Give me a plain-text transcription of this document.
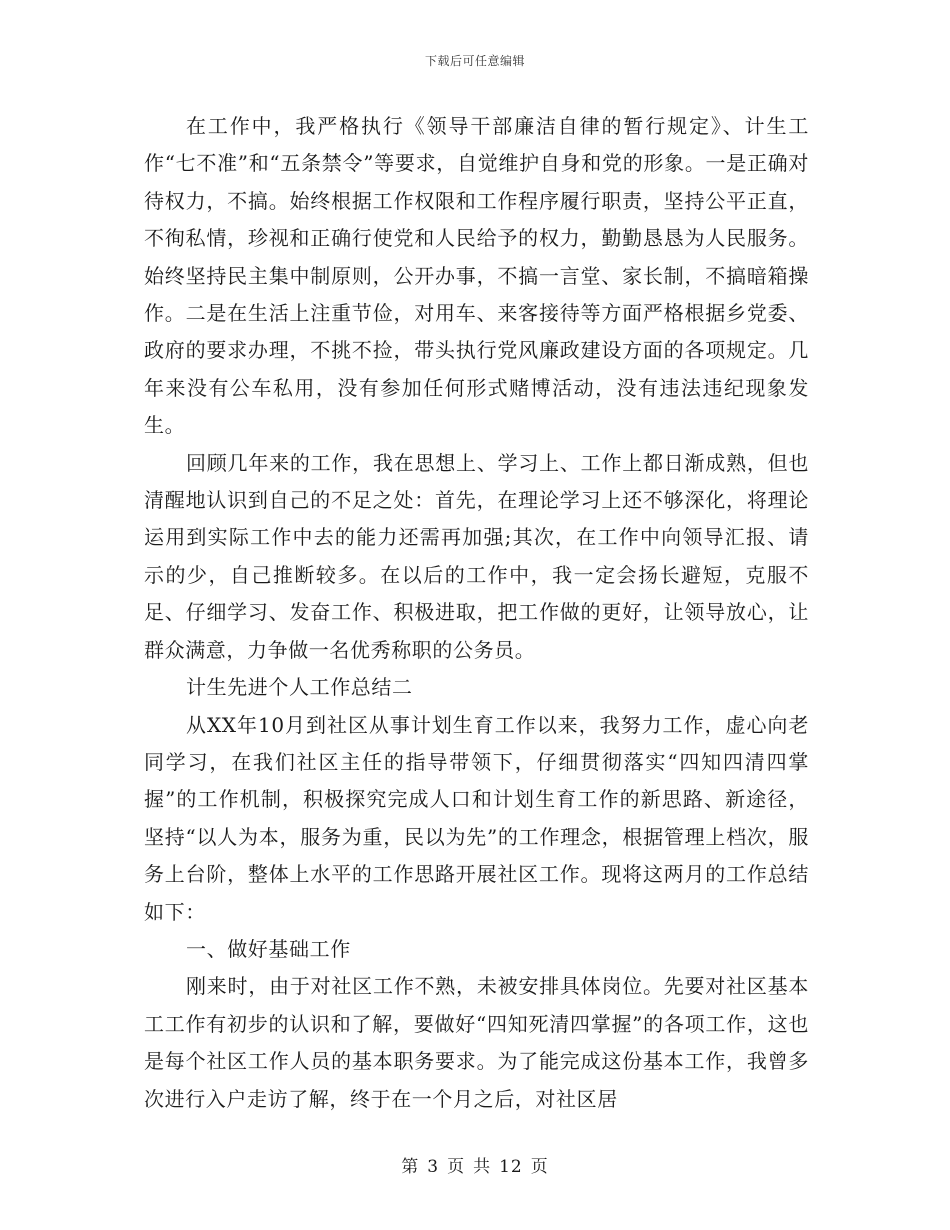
下载后可任意编辑

在工作中，我严格执行《领导干部廉洁自律的暂行规定》、计生工作“七不准”和“五条禁令”等要求，自觉维护自身和党的形象。一是正确对待权力，不搞。始终根据工作权限和工作程序履行职责，坚持公平正直，不徇私情，珍视和正确行使党和人民给予的权力，勤勤恳恳为人民服务。始终坚持民主集中制原则，公开办事，不搞一言堂、家长制，不搞暗箱操作。二是在生活上注重节俭，对用车、来客接待等方面严格根据乡党委、政府的要求办理，不挑不捡，带头执行党风廉政建设方面的各项规定。几年来没有公车私用，没有参加任何形式赌博活动，没有违法违纪现象发生。

回顾几年来的工作，我在思想上、学习上、工作上都日渐成熟，但也清醒地认识到自己的不足之处：首先，在理论学习上还不够深化，将理论运用到实际工作中去的能力还需再加强;其次，在工作中向领导汇报、请示的少，自己推断较多。在以后的工作中，我一定会扬长避短，克服不足、仔细学习、发奋工作、积极进取，把工作做的更好，让领导放心，让群众满意，力争做一名优秀称职的公务员。

计生先进个人工作总结二

从XX年10月到社区从事计划生育工作以来，我努力工作，虚心向老同学习，在我们社区主任的指导带领下，仔细贯彻落实“四知四清四掌握”的工作机制，积极探究完成人口和计划生育工作的新思路、新途径，坚持“以人为本，服务为重，民以为先”的工作理念，根据管理上档次，服务上台阶，整体上水平的工作思路开展社区工作。现将这两月的工作总结如下：

一、做好基础工作

刚来时，由于对社区工作不熟，未被安排具体岗位。先要对社区基本工工作有初步的认识和了解，要做好“四知死清四掌握”的各项工作，这也是每个社区工作人员的基本职务要求。为了能完成这份基本工作，我曾多次进行入户走访了解，终于在一个月之后，对社区居

第 3 页 共 12 页
